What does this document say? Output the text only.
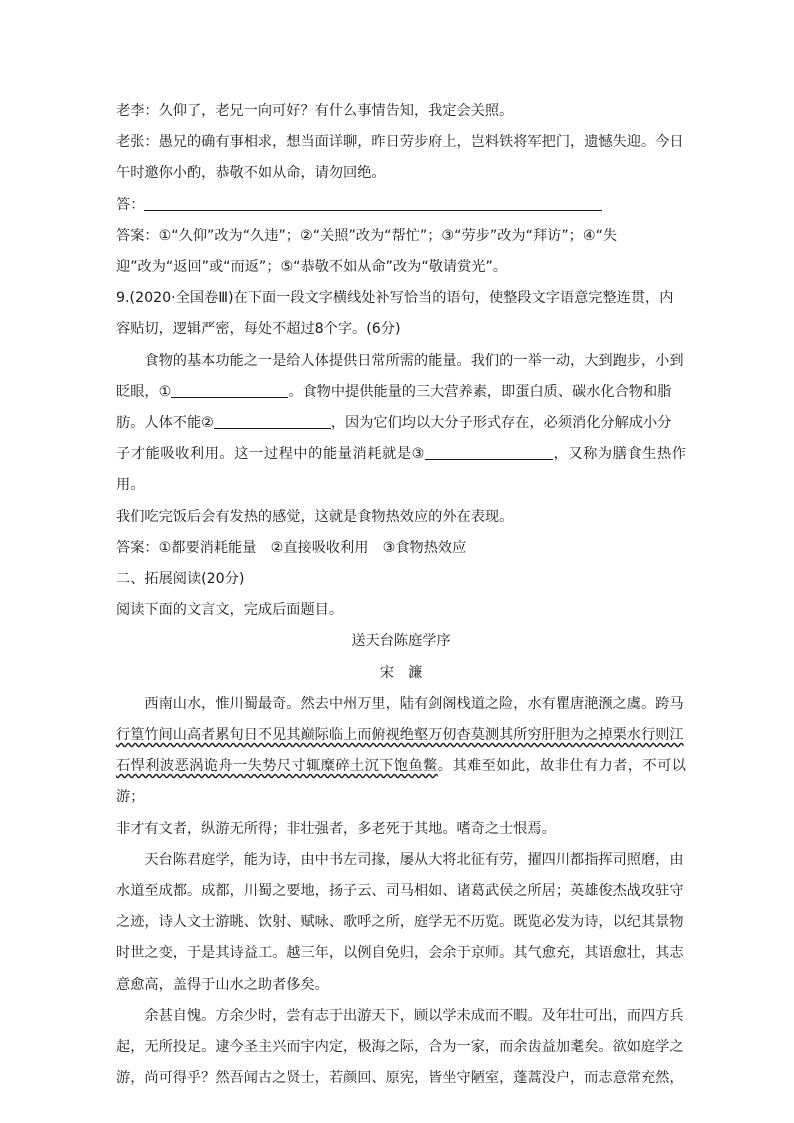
老李：久仰了，老兄一向可好？有什么事情告知，我定会关照。

老张：愚兄的确有事相求，想当面详聊，昨日劳步府上，岂料铁将军把门，遗憾失迎。今日

午时邀你小酌，恭敬不如从命，请勿回绝。

答：

答案：①“久仰”改为“久违”；②“关照”改为“帮忙”；③“劳步”改为“拜访”；④“失

迎”改为“返回”或“而返”；⑤“恭敬不如从命”改为“敬请赏光”。

9.(2020·全国卷Ⅲ)在下面一段文字横线处补写恰当的语句，使整段文字语意完整连贯，内

容贴切，逻辑严密，每处不超过8个字。(6分)

食物的基本功能之一是给人体提供日常所需的能量。我们的一举一动，大到跑步，小到

眨眼，①	。食物中提供能量的三大营养素，即蛋白质、碳水化合物和脂

肪。人体不能②	，因为它们均以大分子形式存在，必须消化分解成小分

子才能吸收利用。这一过程中的能量消耗就是③	，又称为膳食生热作用。

我们吃完饭后会有发热的感觉，这就是食物热效应的外在表现。

答案：①都要消耗能量　②直接吸收利用　③食物热效应

二、拓展阅读(20分)

阅读下面的文言文，完成后面题目。

送天台陈庭学序

宋濂

西南山水，惟川蜀最奇。然去中州万里，陆有剑阁栈道之险，水有瞿唐滟滪之虞。跨马

行篁竹间山高者累旬日不见其巅际临上而俯视绝壑万仞杳莫测其所穷肝胆为之掉栗水行则江

石悍利波恶涡诡舟一失势尺寸辄糜碎土沉下饱鱼鳖。其难至如此，故非仕有力者，不可以游；

非才有文者，纵游无所得；非壮强者，多老死于其地。嗜奇之士恨焉。

天台陈君庭学，能为诗，由中书左司掾，屡从大将北征有劳，擢四川都指挥司照磨，由

水道至成都。成都，川蜀之要地，扬子云、司马相如、诸葛武侯之所居；英雄俊杰战攻驻守

之迹，诗人文士游眺、饮射、赋咏、歌呼之所，庭学无不历览。既览必发为诗，以纪其景物

时世之变，于是其诗益工。越三年，以例自免归，会余于京师。其气愈充，其语愈壮，其志

意愈高，盖得于山水之助者侈矣。

余甚自愧。方余少时，尝有志于出游天下，顾以学未成而不暇。及年壮可出，而四方兵

起，无所投足。逮今圣主兴而宇内定，极海之际，合为一家，而余齿益加耄矣。欲如庭学之

游，尚可得乎？然吾闻古之贤士，若颜回、原宪，皆坐守陋室，蓬蒿没户，而志意常充然，
